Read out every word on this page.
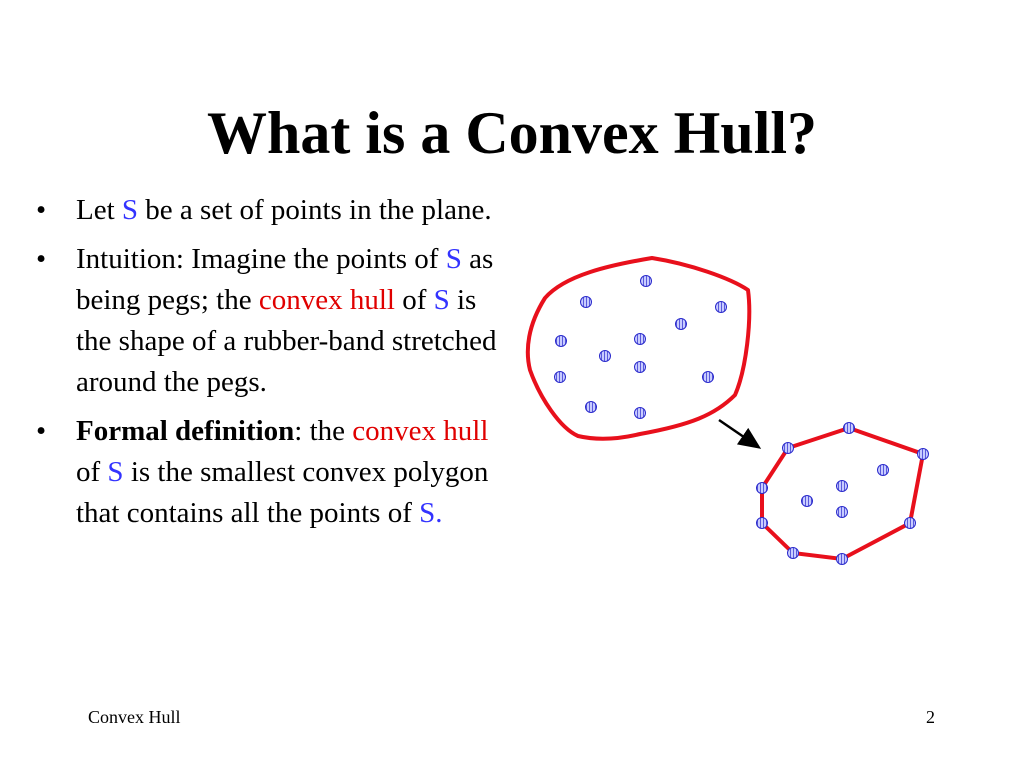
What is a Convex Hull?
• Let S be a set of points in the plane.
• Intuition: Imagine the points of S as being pegs; the convex hull of S is the shape of a rubber-band stretched around the pegs.
• Formal definition: the convex hull of S is the smallest convex polygon that contains all the points of S.
Convex Hull	2
